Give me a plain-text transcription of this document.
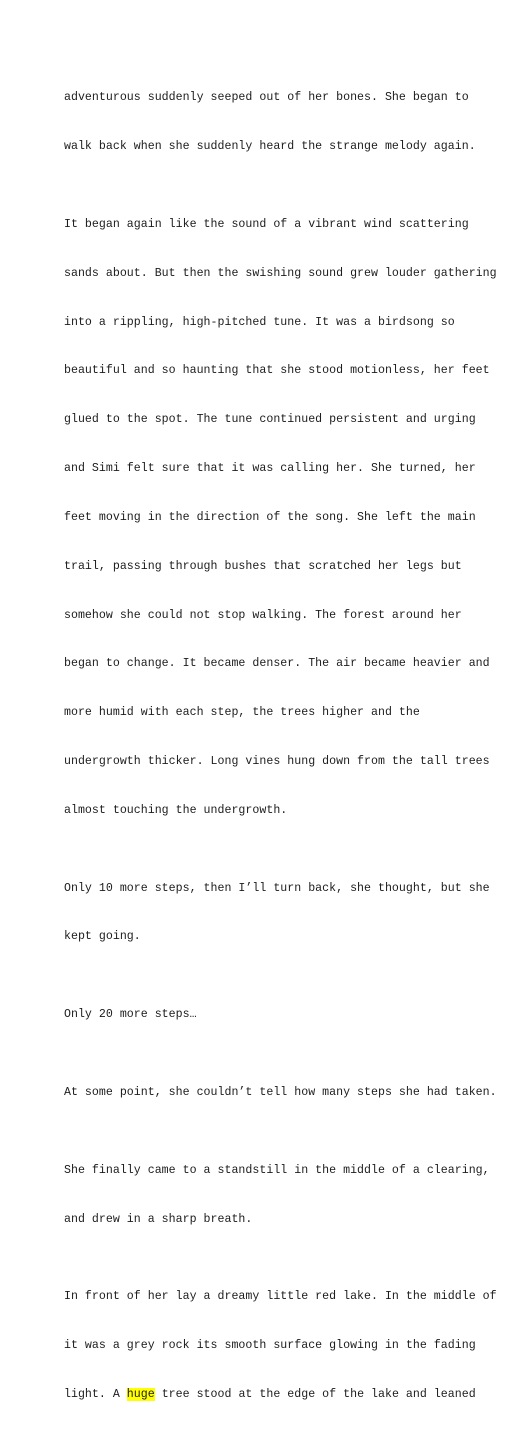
adventurous suddenly seeped out of her bones. She began to

walk back when she suddenly heard the strange melody again.

It began again like the sound of a vibrant wind scattering

sands about. But then the swishing sound grew louder gathering

into a rippling, high-pitched tune. It was a birdsong so

beautiful and so haunting that she stood motionless, her feet

glued to the spot. The tune continued persistent and urging

and Simi felt sure that it was calling her. She turned, her

feet moving in the direction of the song. She left the main

trail, passing through bushes that scratched her legs but

somehow she could not stop walking. The forest around her

began to change. It became denser. The air became heavier and

more humid with each step, the trees higher and the

undergrowth thicker. Long vines hung down from the tall trees

almost touching the undergrowth.

Only 10 more steps, then I’ll turn back, she thought, but she

kept going.

Only 20 more steps…

At some point, she couldn’t tell how many steps she had taken.

She finally came to a standstill in the middle of a clearing,

and drew in a sharp breath.

In front of her lay a dreamy little red lake. In the middle of

it was a grey rock its smooth surface glowing in the fading

light. A huge tree stood at the edge of the lake and leaned
